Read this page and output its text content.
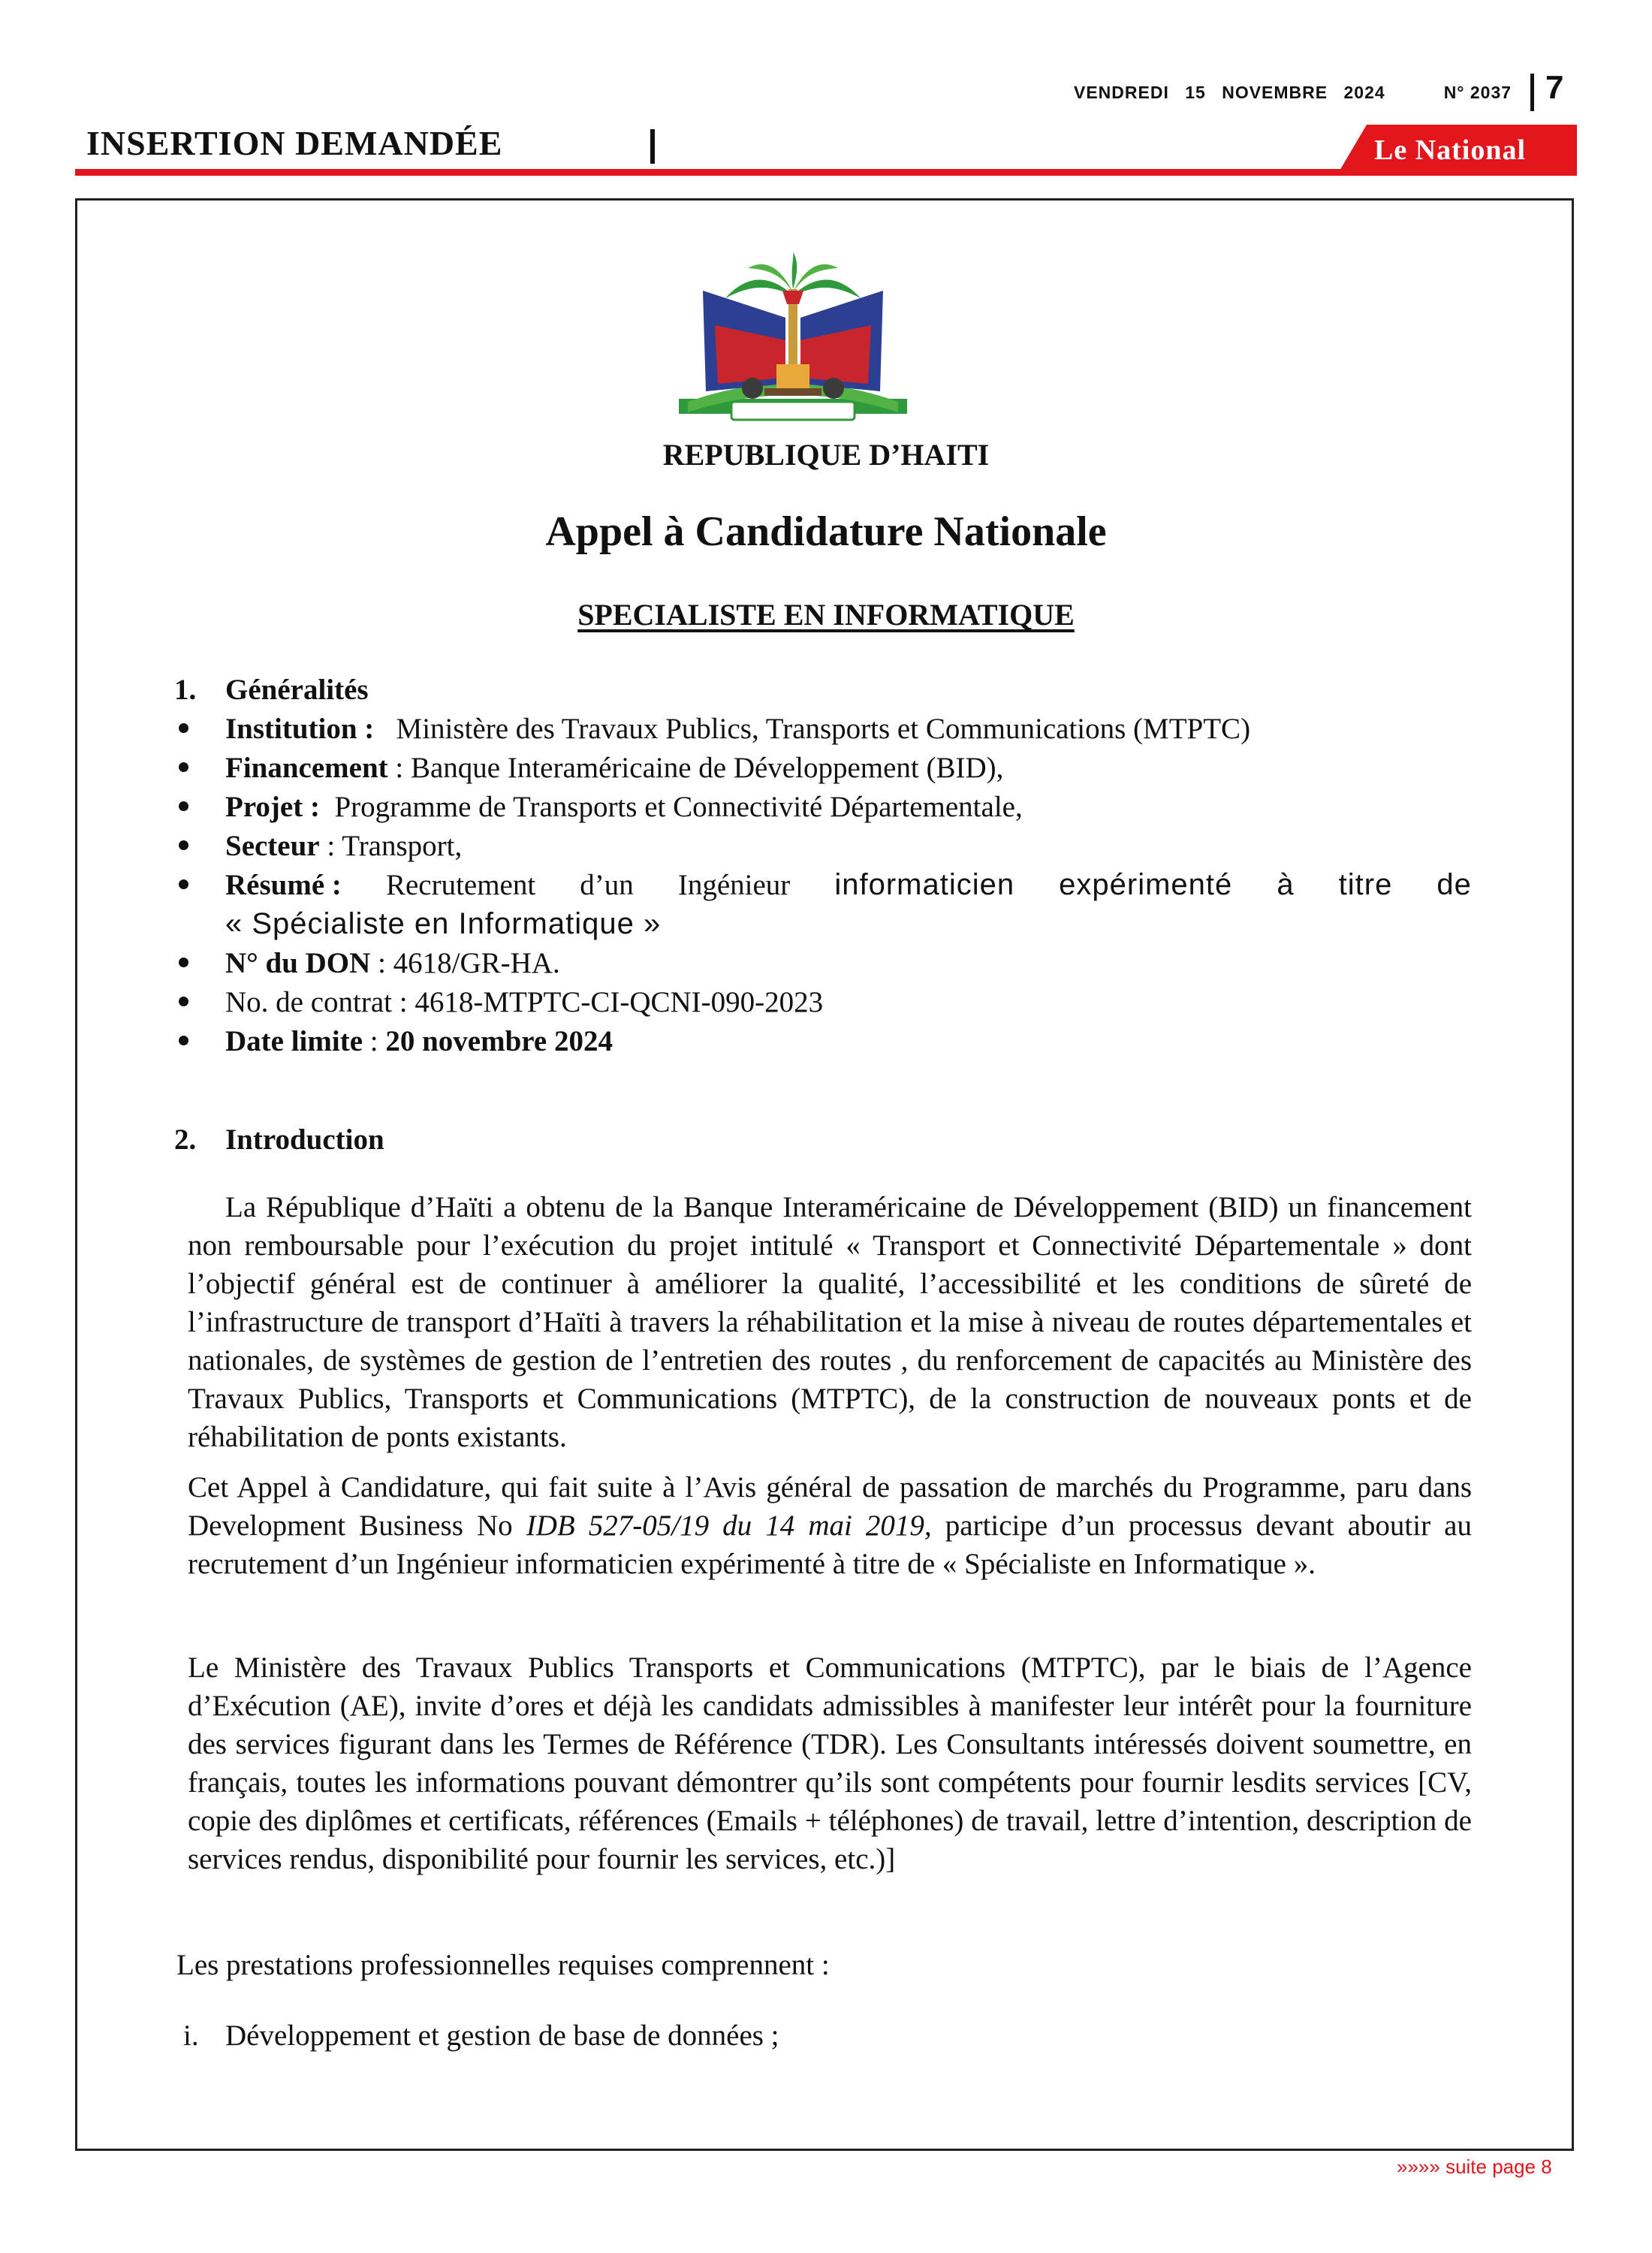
VENDREDI 15 NOVEMBRE 2024	N° 2037 7
INSERTION DEMANDÉE	Le National
REPUBLIQUE D’HAITI
Appel à Candidature Nationale
SPECIALISTE EN INFORMATIQUE
1. Généralités
Institution : Ministère des Travaux Publics, Transports et Communications (MTPTC)
Financement : Banque Interaméricaine de Développement (BID),
Projet : Programme de Transports et Connectivité Départementale,
Secteur : Transport,
Résumé : Recrutement d’un Ingénieur informaticien expérimenté à titre de
« Spécialiste en Informatique »
N° du DON : 4618/GR-HA.
No. de contrat : 4618-MTPTC-CI-QCNI-090-2023
Date limite : 20 novembre 2024
2. Introduction
La République d’Haïti a obtenu de la Banque Interaméricaine de Développement (BID) un financement non remboursable pour l’exécution du projet intitulé « Transport et Connectivité Départementale » dont l’objectif général est de continuer à améliorer la qualité, l’accessibilité et les conditions de sûreté de l’infrastructure de transport d’Haïti à travers la réhabilitation et la mise à niveau de routes départementales et nationales, de systèmes de gestion de l’entretien des routes , du renforcement de capacités au Ministère des Travaux Publics, Transports et Communications (MTPTC), de la construction de nouveaux ponts et de réhabilitation de ponts existants.
Cet Appel à Candidature, qui fait suite à l’Avis général de passation de marchés du Programme, paru dans Development Business No IDB 527-05/19 du 14 mai 2019, participe d’un processus devant aboutir au recrutement d’un Ingénieur informaticien expérimenté à titre de « Spécialiste en Informatique ».
Le Ministère des Travaux Publics Transports et Communications (MTPTC), par le biais de l’Agence d’Exécution (AE), invite d’ores et déjà les candidats admissibles à manifester leur intérêt pour la fourniture des services figurant dans les Termes de Référence (TDR). Les Consultants intéressés doivent soumettre, en français, toutes les informations pouvant démontrer qu’ils sont compétents pour fournir lesdits services [CV, copie des diplômes et certificats, références (Emails + téléphones) de travail, lettre d’intention, description de services rendus, disponibilité pour fournir les services, etc.)]
Les prestations professionnelles requises comprennent :
i. Développement et gestion de base de données ;
»»»» suite page 8
